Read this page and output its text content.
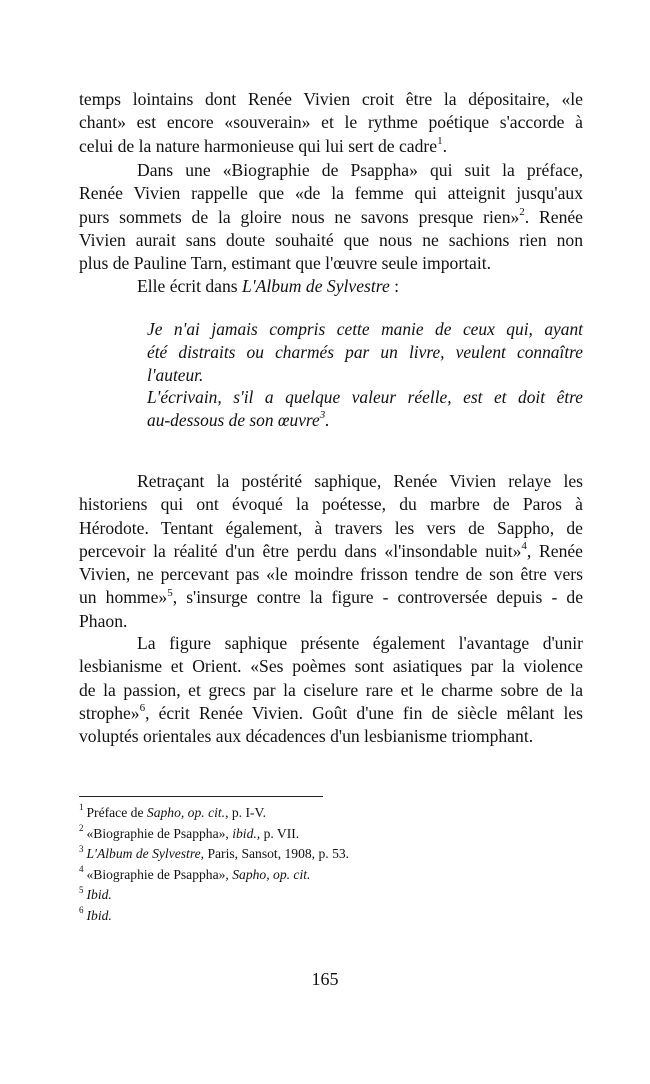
temps lointains dont Renée Vivien croit être la dépositaire, «le
chant» est encore «souverain» et le rythme poétique s'accorde à
celui de la nature harmonieuse qui lui sert de cadre$^1$.
Dans une «Biographie de Psappha» qui suit la préface,
Renée Vivien rappelle que «de la femme qui atteignit jusqu'aux
purs sommets de la gloire nous ne savons presque rien»$^2$. Renée
Vivien aurait sans doute souhaité que nous ne sachions rien non
plus de Pauline Tarn, estimant que l'œuvre seule importait.
Elle écrit dans L'Album de Sylvestre :
Je n'ai jamais compris cette manie de ceux qui, ayant
été distraits ou charmés par un livre, veulent connaître
l'auteur.
L'écrivain, s'il a quelque valeur réelle, est et doit être
au-dessous de son œuvre$^3$.
Retraçant la postérité saphique, Renée Vivien relaye les
historiens qui ont évoqué la poétesse, du marbre de Paros à
Hérodote. Tentant également, à travers les vers de Sappho, de
percevoir la réalité d'un être perdu dans «l'insondable nuit»$^4$, Renée
Vivien, ne percevant pas «le moindre frisson tendre de son être vers
un homme»$^5$, s'insurge contre la figure - controversée depuis - de
Phaon.
La figure saphique présente également l'avantage d'unir
lesbianisme et Orient. «Ses poèmes sont asiatiques par la violence
de la passion, et grecs par la ciselure rare et le charme sobre de la
strophe»$^6$, écrit Renée Vivien. Goût d'une fin de siècle mêlant les
voluptés orientales aux décadences d'un lesbianisme triomphant.
$^1$ Préface de Sapho, op. cit., p. I-V.
$^2$ «Biographie de Psappha», ibid., p. VII.
$^3$ L'Album de Sylvestre, Paris, Sansot, 1908, p. 53.
$^4$ «Biographie de Psappha», Sapho, op. cit.
$^5$ Ibid.
$^6$ Ibid.
165
